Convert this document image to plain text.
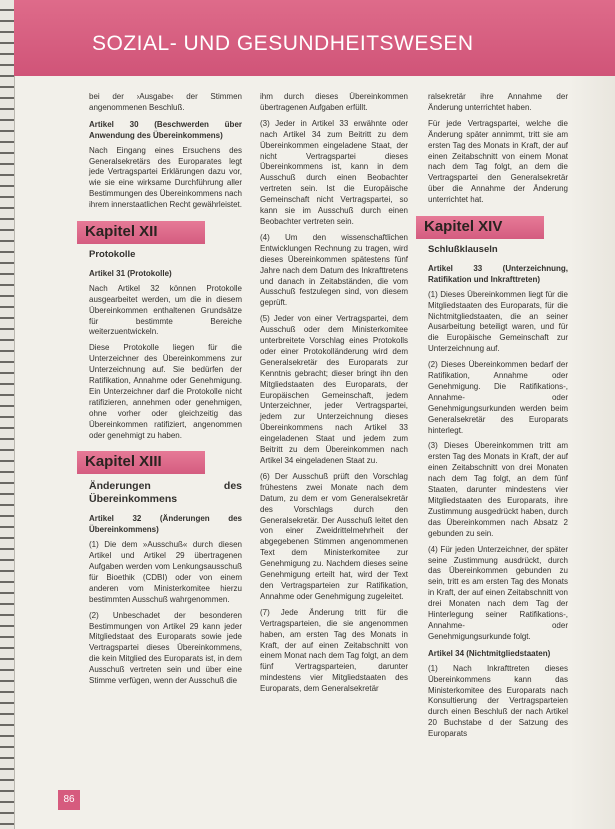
SOZIAL- UND GESUNDHEITSWESEN

bei der ›Ausgabe‹ der Stimmen angenommenen Beschluß.

Artikel 30 (Beschwerden über Anwendung des Übereinkommens)

Nach Eingang eines Ersuchens des Generalsekretärs des Europarates legt jede Vertragspartei Erklärungen dazu vor, wie sie eine wirksame Durchführung aller Bestimmungen des Übereinkommens nach ihrem innerstaatlichen Recht gewährleistet.

Kapitel XII

Protokolle

Artikel 31 (Protokolle)

Nach Artikel 32 können Protokolle ausgearbeitet werden, um die in diesem Übereinkommen enthaltenen Grundsätze für bestimmte Bereiche weiterzuentwickeln.

Diese Protokolle liegen für die Unterzeichner des Übereinkommens zur Unterzeichnung auf. Sie bedürfen der Ratifikation, Annahme oder Genehmigung. Ein Unterzeichner darf die Protokolle nicht ratifizieren, annehmen oder genehmigen, ohne vorher oder gleichzeitig das Übereinkommen ratifiziert, angenommen oder genehmigt zu haben.

Kapitel XIII

Änderungen des Übereinkommens

Artikel 32 (Änderungen des Übereinkommens)

(1) Die dem »Ausschuß« durch diesen Artikel und Artikel 29 übertragenen Aufgaben werden vom Lenkungsausschuß für Bioethik (CDBI) oder von einem anderen vom Ministerkomitee hierzu bestimmten Ausschuß wahrgenommen.

(2) Unbeschadet der besonderen Bestimmungen von Artikel 29 kann jeder Mitgliedstaat des Europarats sowie jede Vertragspartei dieses Übereinkommens, die kein Mitglied des Europarats ist, in dem Ausschuß vertreten sein und über eine Stimme verfügen, wenn der Ausschuß die

ihm durch dieses Übereinkommen übertragenen Aufgaben erfüllt.

(3) Jeder in Artikel 33 erwähnte oder nach Artikel 34 zum Beitritt zu dem Übereinkommen eingeladene Staat, der nicht Vertragspartei dieses Übereinkommens ist, kann in dem Ausschuß durch einen Beobachter vertreten sein. Ist die Europäische Gemeinschaft nicht Vertragspartei, so kann sie im Ausschuß durch einen Beobachter vertreten sein.

(4) Um den wissenschaftlichen Entwicklungen Rechnung zu tragen, wird dieses Übereinkommen spätestens fünf Jahre nach dem Datum des Inkrafttretens und danach in Zeitabständen, die vom Ausschuß festzulegen sind, von diesem geprüft.

(5) Jeder von einer Vertragspartei, dem Ausschuß oder dem Ministerkomitee unterbreitete Vorschlag eines Protokolls oder einer Protokolländerung wird dem Generalsekretär des Europarats zur Kenntnis gebracht; dieser bringt ihn den Mitgliedstaaten des Europarats, der Europäischen Gemeinschaft, jedem Unterzeichner, jeder Vertragspartei, jedem zur Unterzeichnung dieses Übereinkommens nach Artikel 33 eingeladenen Staat und jedem zum Beitritt zu dem Übereinkommen nach Artikel 34 eingeladenen Staat zu.

(6) Der Ausschuß prüft den Vorschlag frühestens zwei Monate nach dem Datum, zu dem er vom Generalsekretär des Vorschlags durch den Generalsekretär. Der Ausschuß leitet den von einer Zweidrittelmehrheit der abgegebenen Stimmen angenommenen Text dem Ministerkomitee zur Genehmigung zu. Nachdem dieses seine Genehmigung erteilt hat, wird der Text den Vertragsparteien zur Ratifikation, Annahme oder Genehmigung zugeleitet.

(7) Jede Änderung tritt für die Vertragsparteien, die sie angenommen haben, am ersten Tag des Monats in Kraft, der auf einen Zeitabschnitt von einem Monat nach dem Tag folgt, an dem fünf Vertragsparteien, darunter mindestens vier Mitgliedstaaten des Europarats, dem Generalsekretär

ralsekretär ihre Annahme der Änderung unterrichtet haben.

Für jede Vertragspartei, welche die Änderung später annimmt, tritt sie am ersten Tag des Monats in Kraft, der auf einen Zeitabschnitt von einem Monat nach dem Tag folgt, an dem die Vertragspartei den Generalsekretär über die Annahme der Änderung unterrichtet hat.

Kapitel XIV

Schlußklauseln

Artikel 33 (Unterzeichnung, Ratifikation und Inkrafttreten)

(1) Dieses Übereinkommen liegt für die Mitgliedstaaten des Europarats, für die Nichtmitgliedstaaten, die an seiner Ausarbeitung beteiligt waren, und für die Europäische Gemeinschaft zur Unterzeichnung auf.

(2) Dieses Übereinkommen bedarf der Ratifikation, Annahme oder Genehmigung. Die Ratifikations-, Annahme- oder Genehmigungsurkunden werden beim Generalsekretär des Europarats hinterlegt.

(3) Dieses Übereinkommen tritt am ersten Tag des Monats in Kraft, der auf einen Zeitabschnitt von drei Monaten nach dem Tag folgt, an dem fünf Staaten, darunter mindestens vier Mitgliedstaaten des Europarats, ihre Zustimmung ausgedrückt haben, durch das Übereinkommen nach Absatz 2 gebunden zu sein.

(4) Für jeden Unterzeichner, der später seine Zustimmung ausdrückt, durch das Übereinkommen gebunden zu sein, tritt es am ersten Tag des Monats in Kraft, der auf einen Zeitabschnitt von drei Monaten nach dem Tag der Hinterlegung seiner Ratifikations-, Annahme- oder Genehmigungsurkunde folgt.

Artikel 34 (Nichtmitgliedstaaten)

(1) Nach Inkrafttreten dieses Übereinkommens kann das Ministerkomitee des Europarats nach Konsultierung der Vertragsparteien durch einen Beschluß der nach Artikel 20 Buchstabe d der Satzung des Europarats

86
